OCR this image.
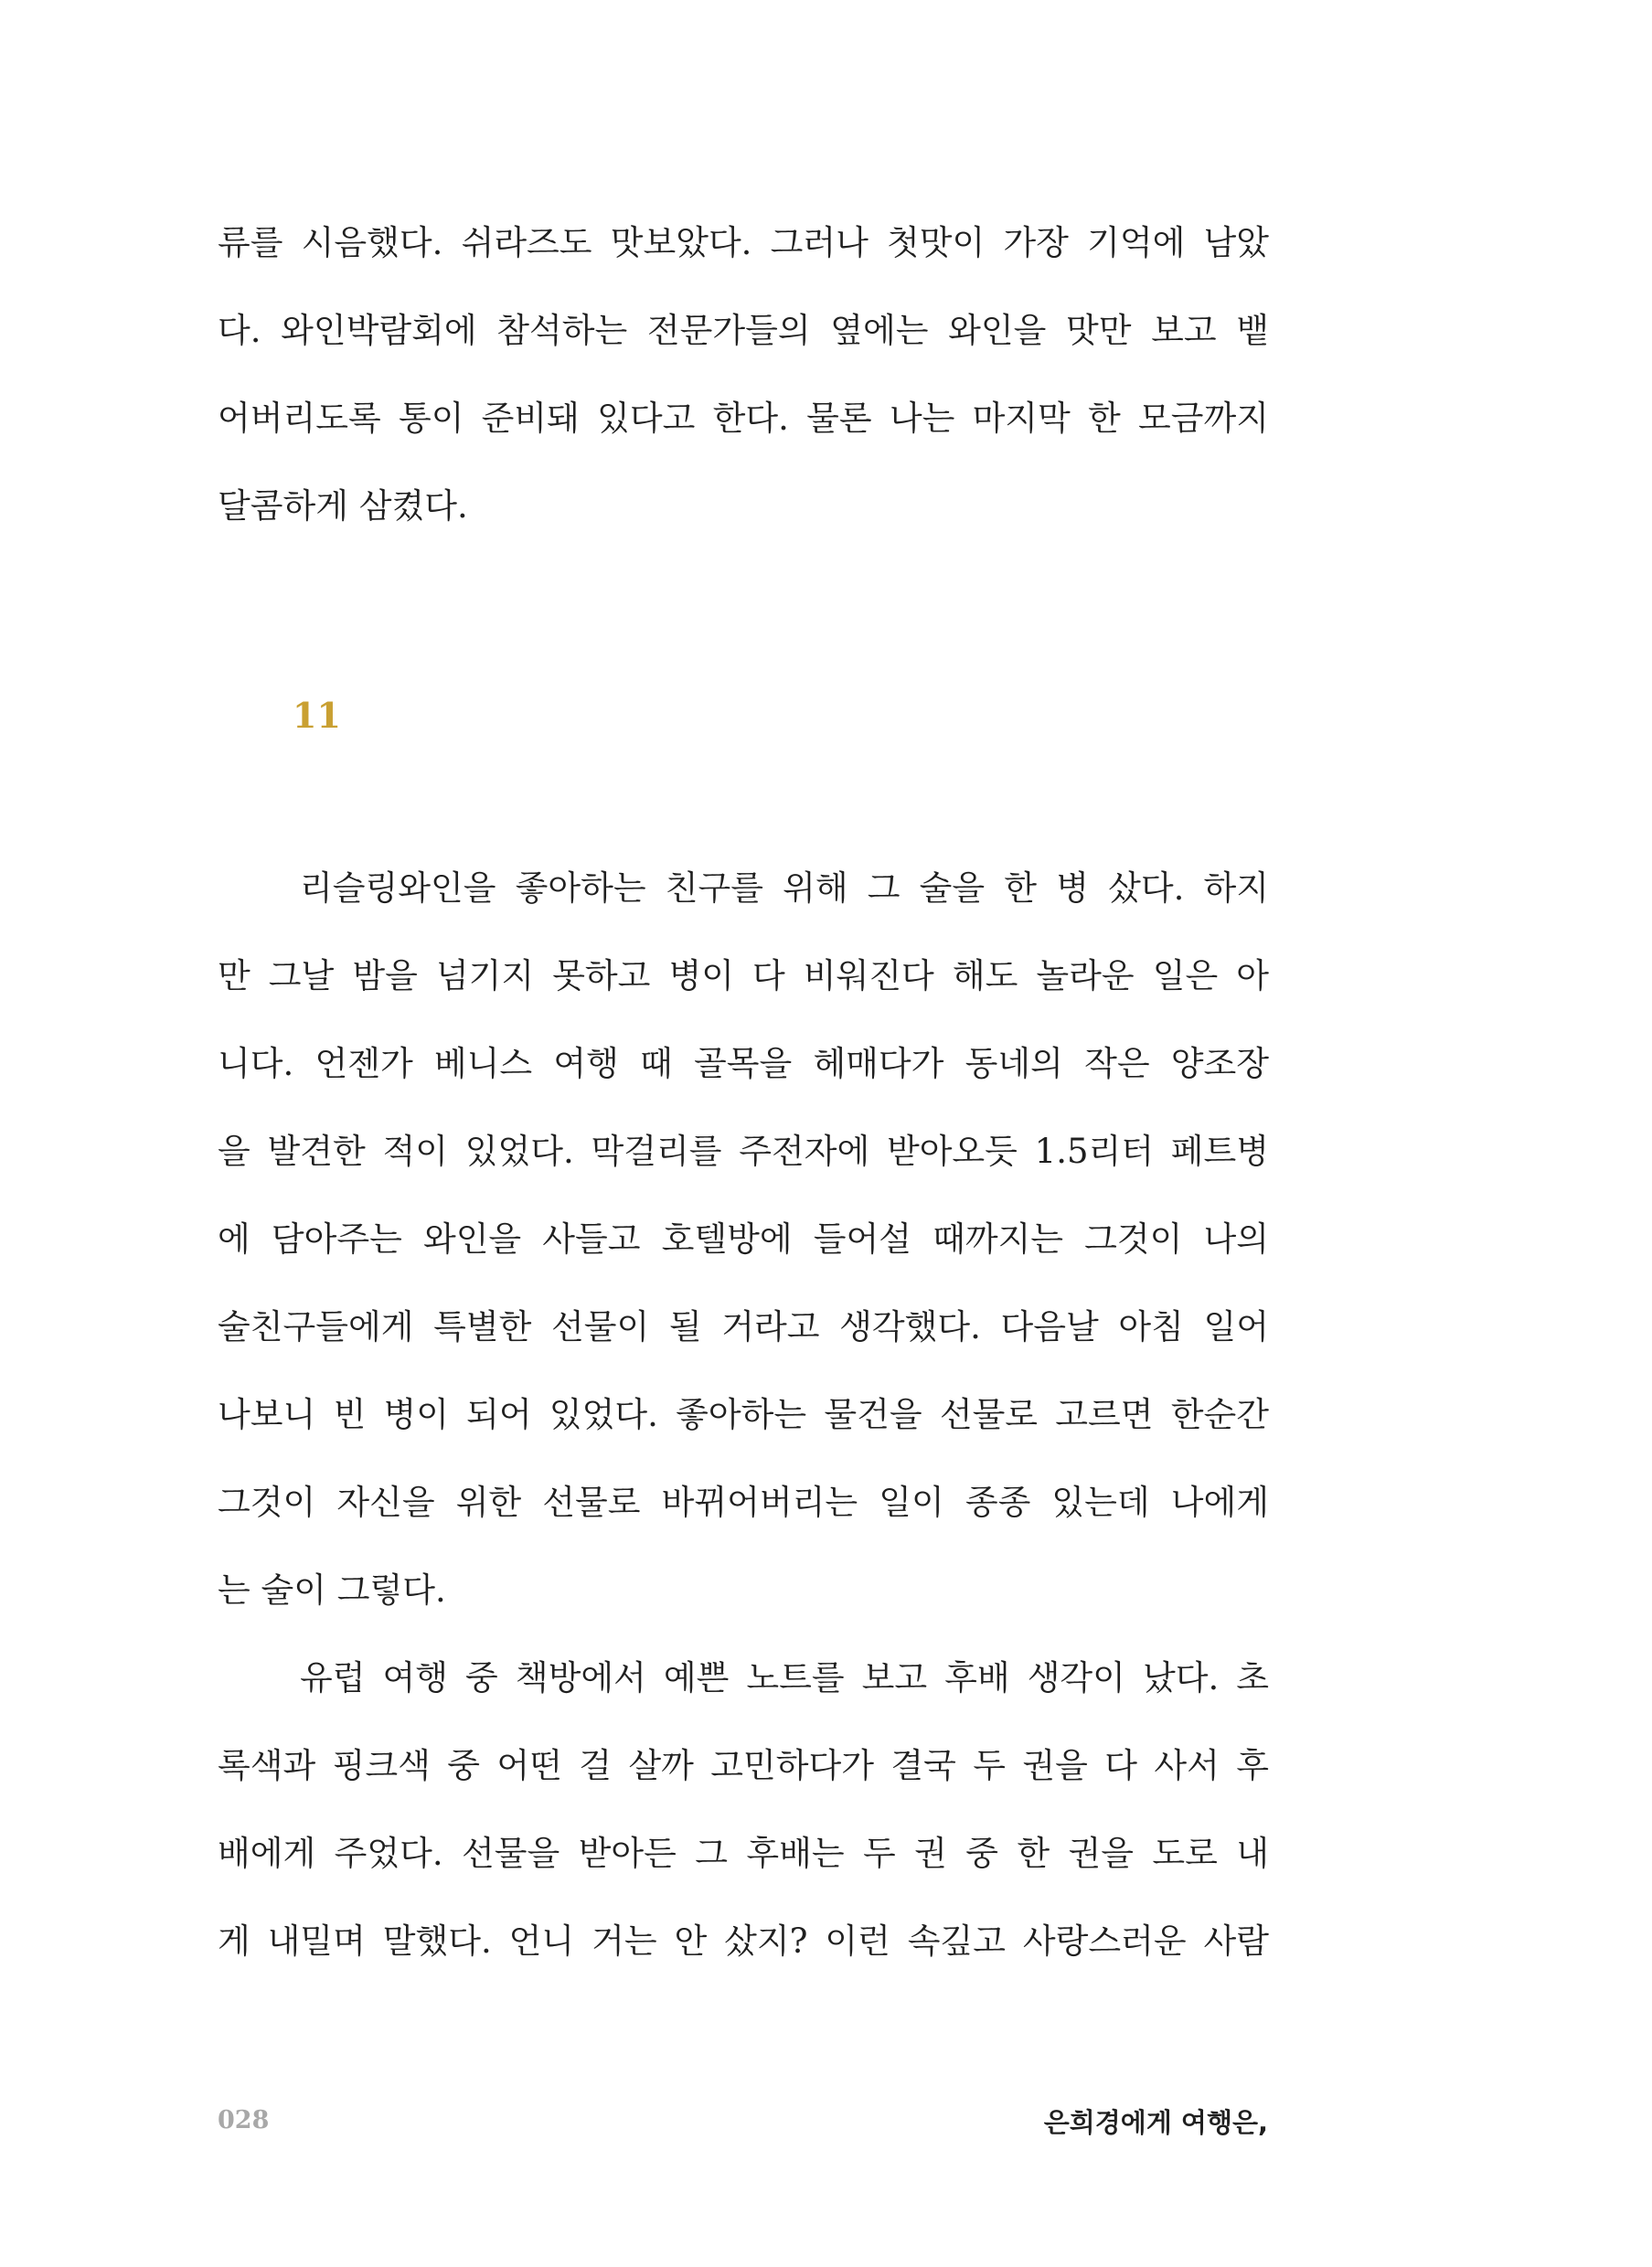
류를 시음했다. 쉬라즈도 맛보았다. 그러나 첫맛이 가장 기억에 남았
다. 와인박람회에 참석하는 전문가들의 옆에는 와인을 맛만 보고 뱉
어버리도록 통이 준비돼 있다고 한다. 물론 나는 마지막 한 모금까지
달콤하게 삼켰다.
11
리슬링와인을 좋아하는 친구를 위해 그 술을 한 병 샀다. 하지
만 그날 밤을 넘기지 못하고 병이 다 비워진다 해도 놀라운 일은 아
니다. 언젠가 베니스 여행 때 골목을 헤매다가 동네의 작은 양조장
을 발견한 적이 있었다. 막걸리를 주전자에 받아오듯 1.5리터 페트병
에 담아주는 와인을 사들고 호텔방에 들어설 때까지는 그것이 나의
술친구들에게 특별한 선물이 될 거라고 생각했다. 다음날 아침 일어
나보니 빈 병이 되어 있었다. 좋아하는 물건을 선물로 고르면 한순간
그것이 자신을 위한 선물로 바뀌어버리는 일이 종종 있는데 나에게
는 술이 그렇다.
유럽 여행 중 책방에서 예쁜 노트를 보고 후배 생각이 났다. 초
록색과 핑크색 중 어떤 걸 살까 고민하다가 결국 두 권을 다 사서 후
배에게 주었다. 선물을 받아든 그 후배는 두 권 중 한 권을 도로 내
게 내밀며 말했다. 언니 거는 안 샀지? 이런 속깊고 사랑스러운 사람
028	은희경에게 여행은,
